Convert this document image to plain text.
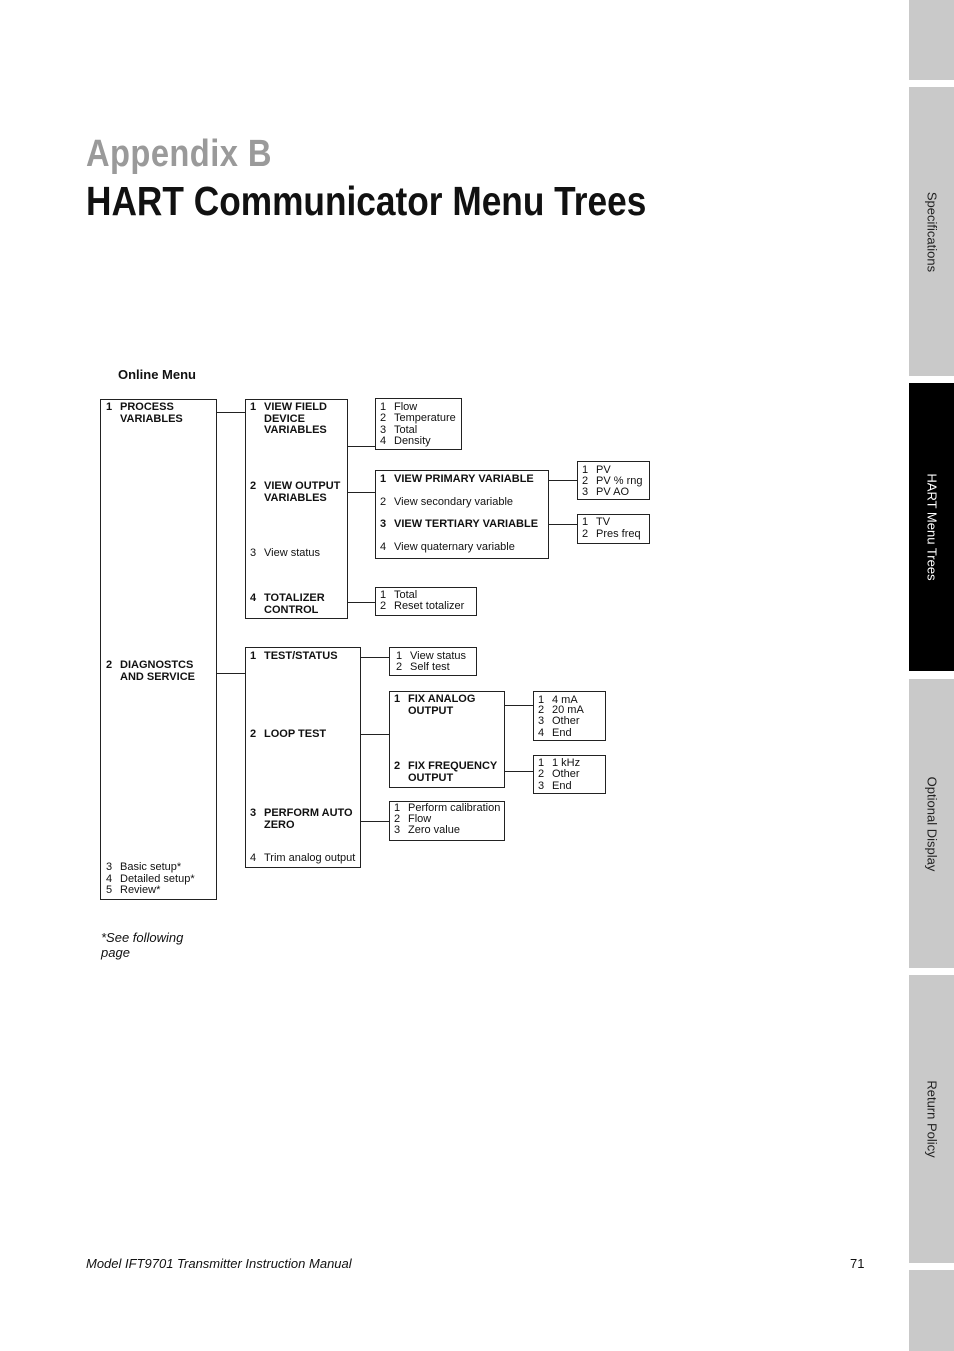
Appendix B
HART Communicator Menu Trees
Online Menu
1 PROCESS
VARIABLES
2 DIAGNOSTCS
AND SERVICE
3 Basic setup*
4 Detailed setup*
5 Review*
1 VIEW FIELD
DEVICE
VARIABLES
2 VIEW OUTPUT
VARIABLES
3 View status
4 TOTALIZER
CONTROL
1 Flow
2 Temperature
3 Total
4 Density
1 VIEW PRIMARY VARIABLE
2 View secondary variable
3 VIEW TERTIARY VARIABLE
4 View quaternary variable
1 PV
2 PV % rng
3 PV AO
1 TV
2 Pres freq
1 Total
2 Reset totalizer
1 TEST/STATUS
2 LOOP TEST
3 PERFORM AUTO
ZERO
4 Trim analog output
1 View status
2 Self test
1 FIX ANALOG
OUTPUT
2 FIX FREQUENCY
OUTPUT
1 4 mA
2 20 mA
3 Other
4 End
1 1 kHz
2 Other
3 End
1 Perform calibration
2 Flow
3 Zero value
*See following page
Model IFT9701 Transmitter Instruction Manual	71
Specifications
HART Menu Trees
Optional Display
Return Policy
